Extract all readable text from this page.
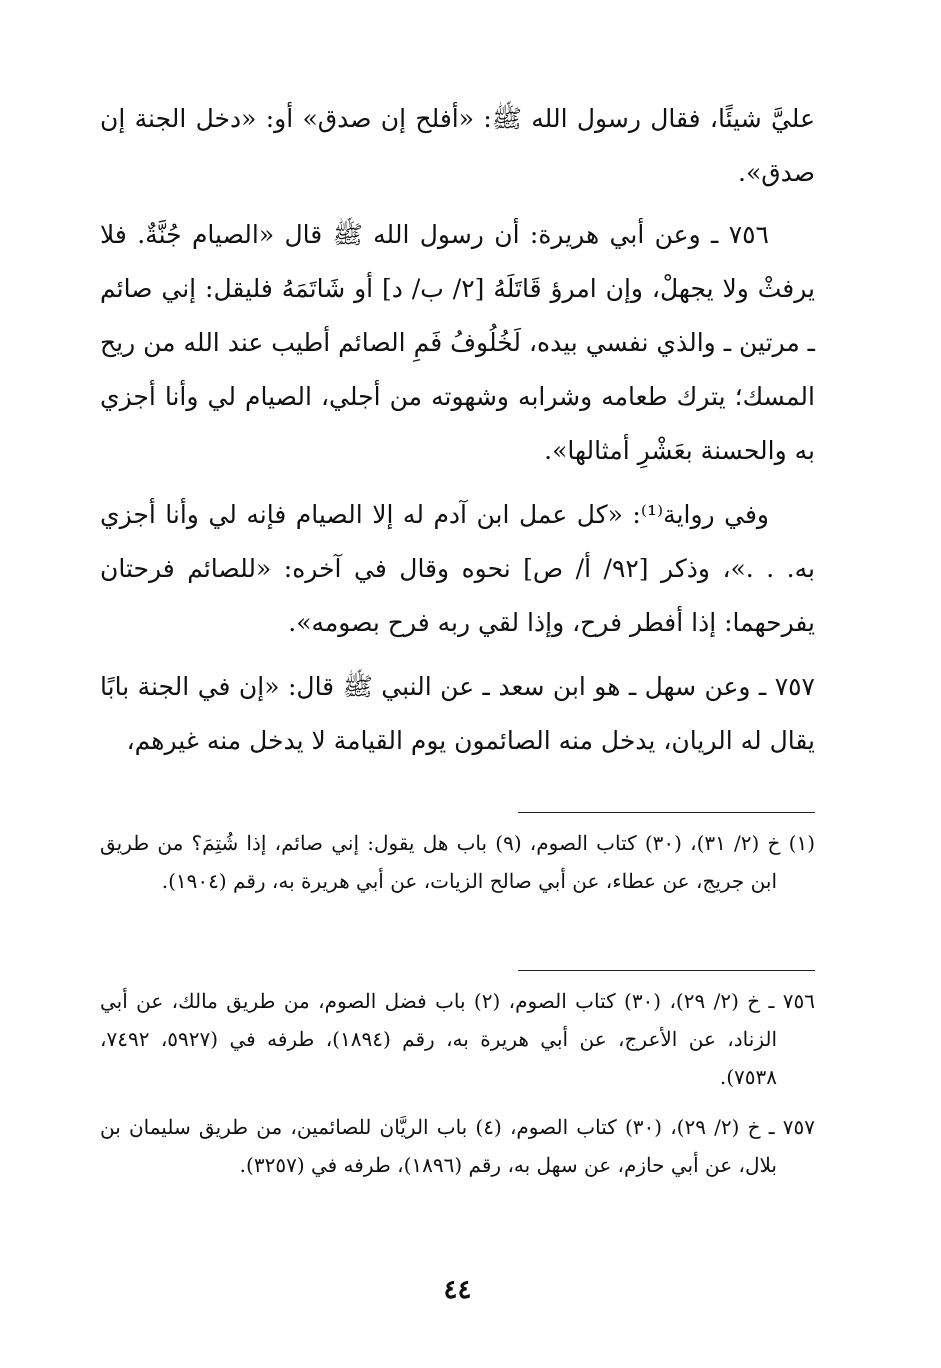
عليَّ شيئًا، فقال رسول الله ﷺ: «أفلح إن صدق» أو: «دخل الجنة إن صدق».

٧٥٦ ـ وعن أبي هريرة: أن رسول الله ﷺ قال «الصيام جُنَّةٌ. فلا يرفثْ ولا يجهلْ، وإن امرؤ قَاتَلَهُ [٢/ ب/ د] أو شَاتَمَهُ فليقل: إني صائم ـ مرتين ـ والذي نفسي بيده، لَخُلُوفُ فَمِ الصائم أطيب عند الله من ريح المسك؛ يترك طعامه وشرابه وشهوته من أجلي، الصيام لي وأنا أجزي به والحسنة بعَشْرِ أمثالها».

وفي رواية⁽¹⁾: «كل عمل ابن آدم له إلا الصيام فإنه لي وأنا أجزي به. . .»، وذكر [٩٢/ أ/ ص] نحوه وقال في آخره: «للصائم فرحتان يفرحهما: إذا أفطر فرح، وإذا لقي ربه فرح بصومه».

٧٥٧ ـ وعن سهل ـ هو ابن سعد ـ عن النبي ﷺ قال: «إن في الجنة بابًا يقال له الريان، يدخل منه الصائمون يوم القيامة لا يدخل منه غيرهم،

(١) خ (٢/ ٣١)، (٣٠) كتاب الصوم، (٩) باب هل يقول: إني صائم، إذا شُتِمَ؟ من طريق ابن جريج، عن عطاء، عن أبي صالح الزيات، عن أبي هريرة به، رقم (١٩٠٤).

٧٥٦ ـ خ (٢/ ٢٩)، (٣٠) كتاب الصوم، (٢) باب فضل الصوم، من طريق مالك، عن أبي الزناد، عن الأعرج، عن أبي هريرة به، رقم (١٨٩٤)، طرفه في (٥٩٢٧، ٧٤٩٢، ٧٥٣٨).

٧٥٧ ـ خ (٢/ ٢٩)، (٣٠) كتاب الصوم، (٤) باب الريَّان للصائمين، من طريق سليمان بن بلال، عن أبي حازم، عن سهل به، رقم (١٨٩٦)، طرفه في (٣٢٥٧).

٤٤
